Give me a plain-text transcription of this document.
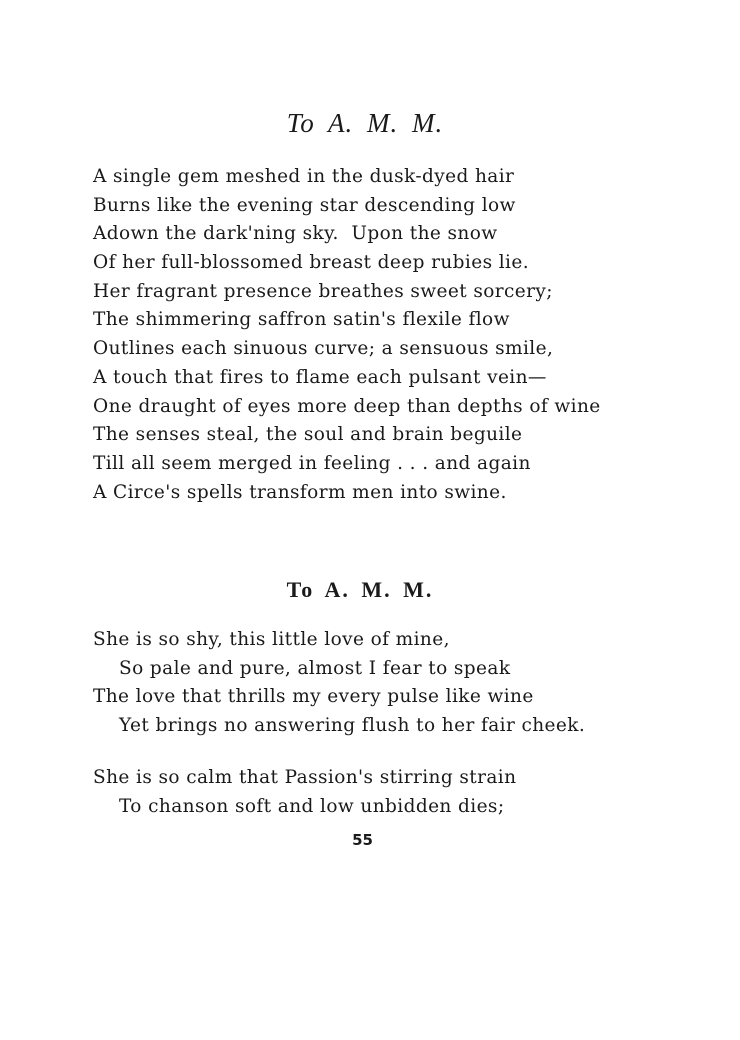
To A. M. M.
A single gem meshed in the dusk-dyed hair
Burns like the evening star descending low
Adown the dark'ning sky.  Upon the snow
Of her full-blossomed breast deep rubies lie.
Her fragrant presence breathes sweet sorcery;
The shimmering saffron satin's flexile flow
Outlines each sinuous curve; a sensuous smile,
A touch that fires to flame each pulsant vein—
One draught of eyes more deep than depths of wine
The senses steal, the soul and brain beguile
Till all seem merged in feeling . . . and again
A Circe's spells transform men into swine.
To A. M. M.
She is so shy, this little love of mine,
So pale and pure, almost I fear to speak
The love that thrills my every pulse like wine
Yet brings no answering flush to her fair cheek.
She is so calm that Passion's stirring strain
To chanson soft and low unbidden dies;
55
